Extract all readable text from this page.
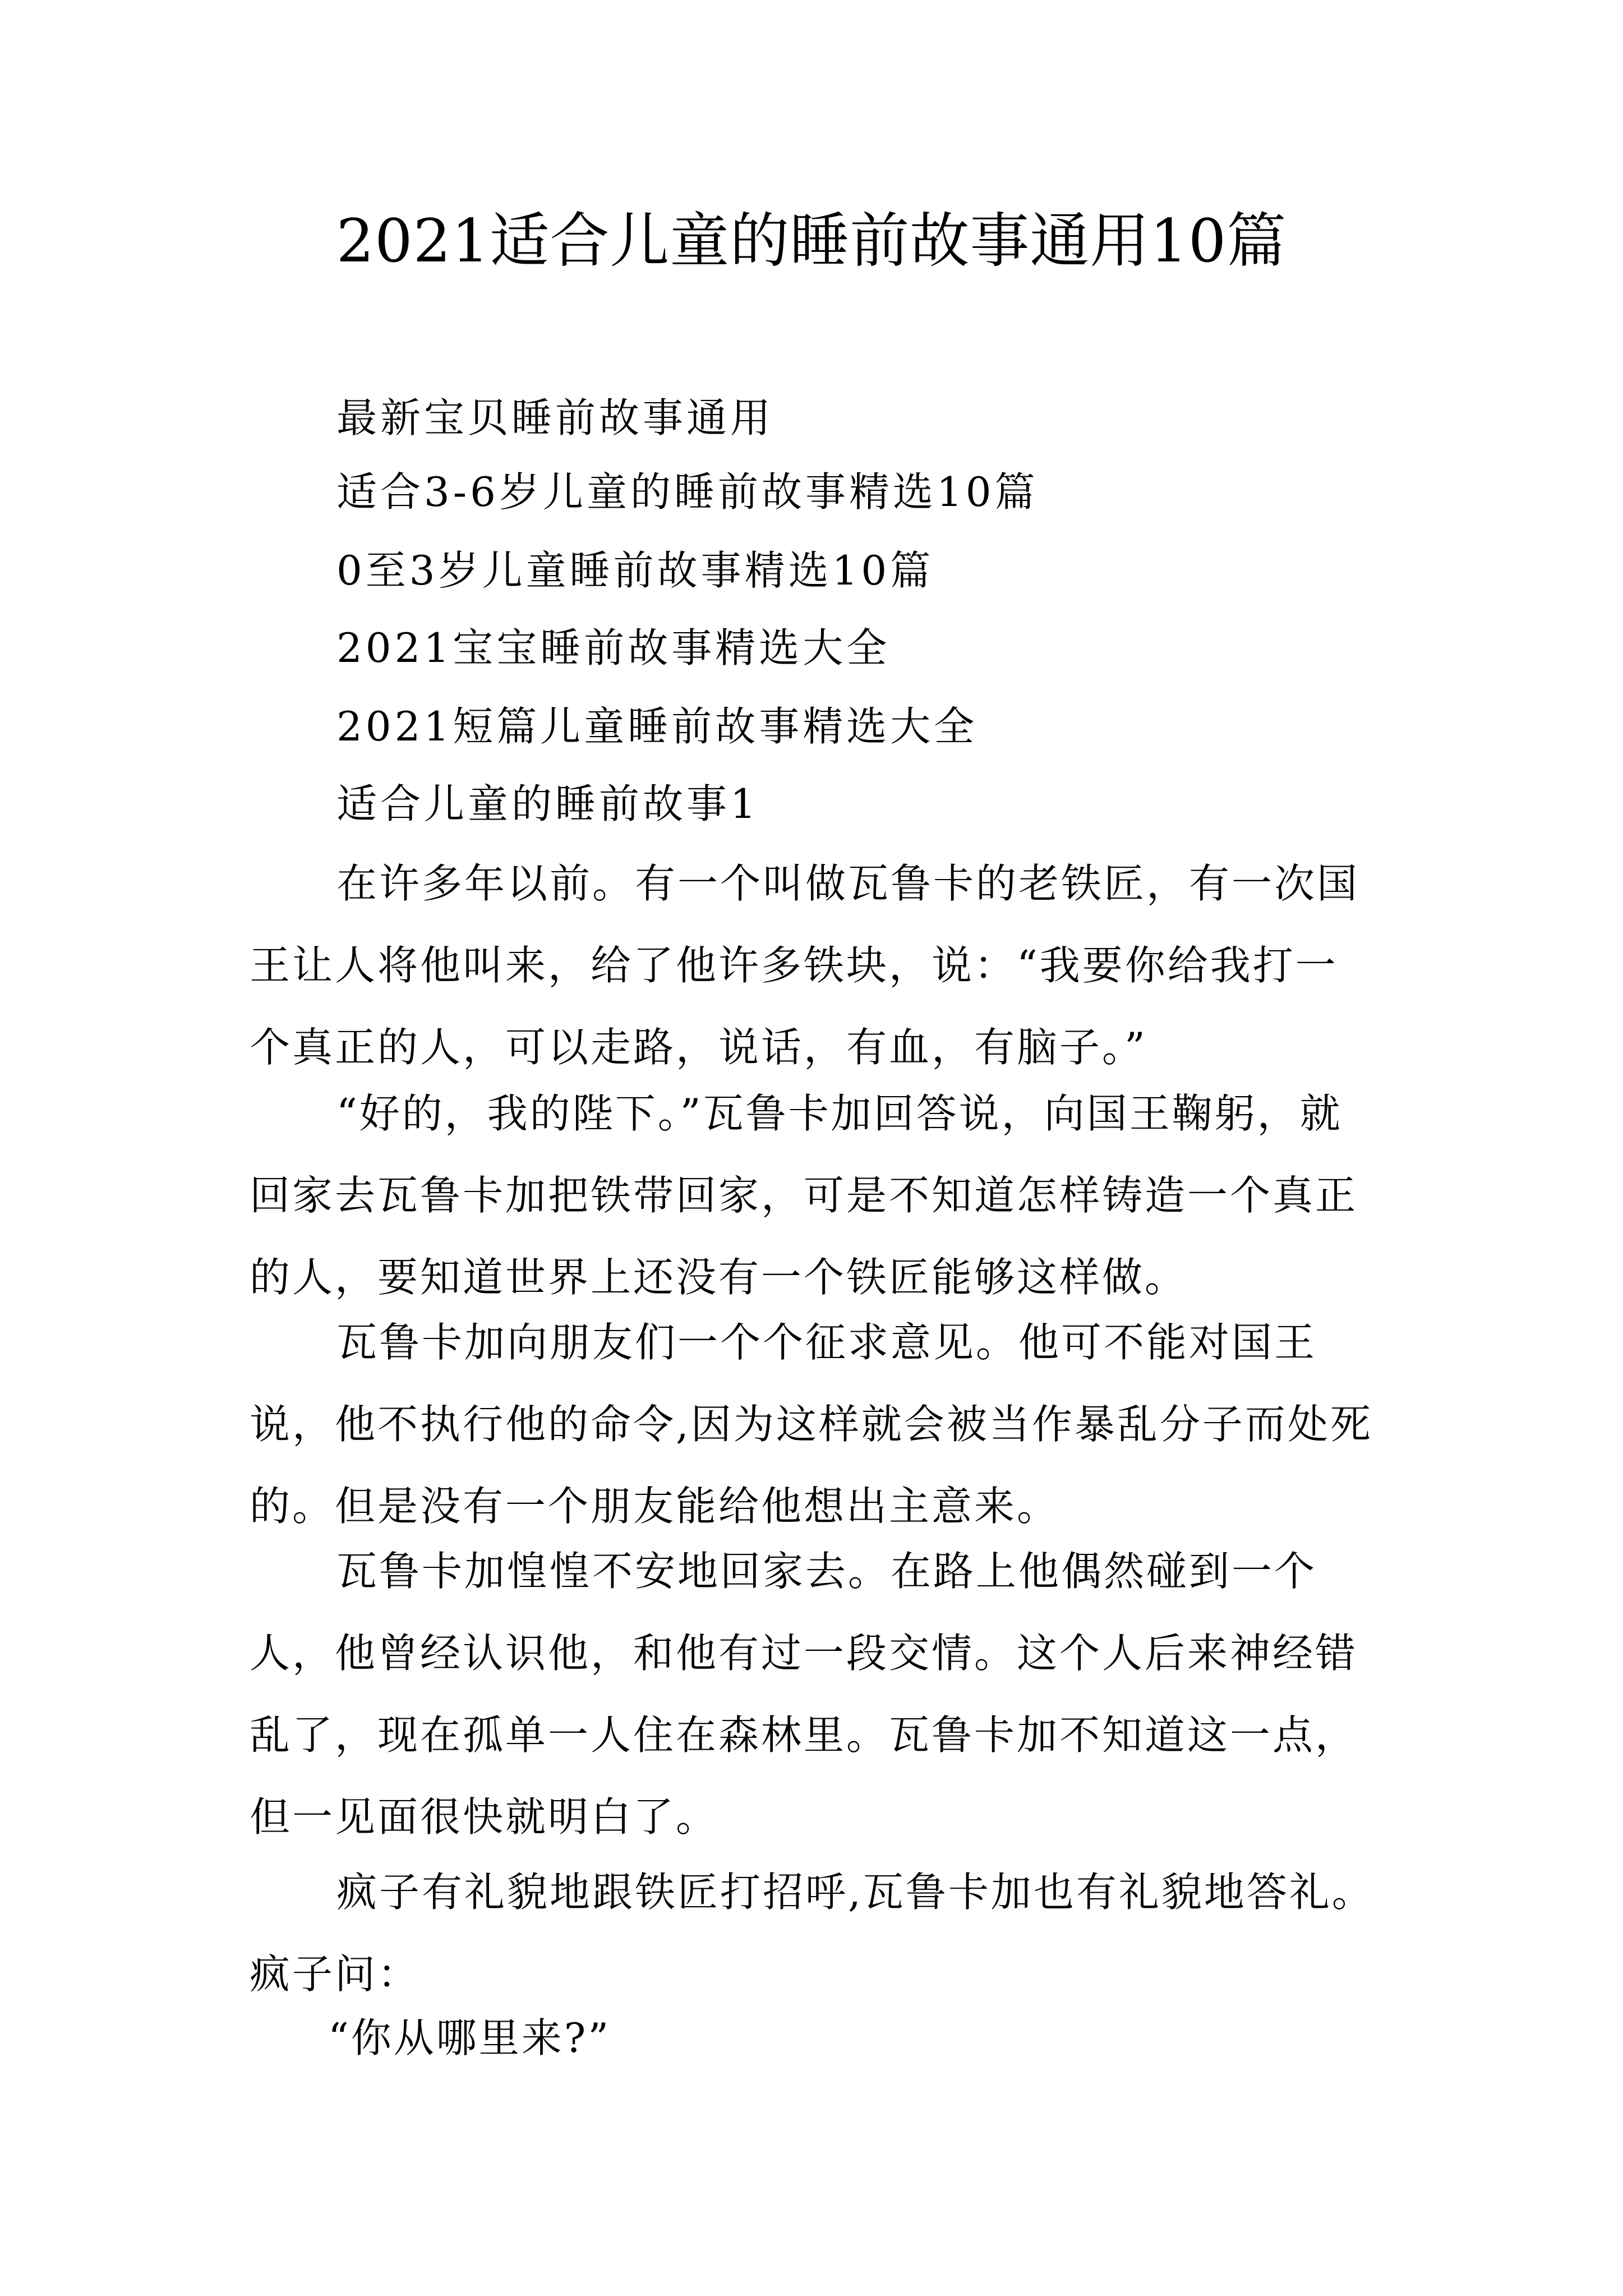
2021适合儿童的睡前故事通用10篇
最新宝贝睡前故事通用
适合3-6岁儿童的睡前故事精选10篇
0至3岁儿童睡前故事精选10篇
2021宝宝睡前故事精选大全
2021短篇儿童睡前故事精选大全
适合儿童的睡前故事1
在许多年以前。有一个叫做瓦鲁卡的老铁匠，有一次国王让人将他叫来，给了他许多铁块，说：“我要你给我打一个真正的人，可以走路，说话，有血，有脑子。”
“好的，我的陛下。”瓦鲁卡加回答说，向国王鞠躬，就回家去瓦鲁卡加把铁带回家，可是不知道怎样铸造一个真正的人，要知道世界上还没有一个铁匠能够这样做。
瓦鲁卡加向朋友们一个个征求意见。他可不能对国王说，他不执行他的命令,因为这样就会被当作暴乱分子而处死的。但是没有一个朋友能给他想出主意来。
瓦鲁卡加惶惶不安地回家去。在路上他偶然碰到一个人，他曾经认识他，和他有过一段交情。这个人后来神经错乱了，现在孤单一人住在森林里。瓦鲁卡加不知道这一点，但一见面很快就明白了。
疯子有礼貌地跟铁匠打招呼,瓦鲁卡加也有礼貌地答礼。疯子问：
“你从哪里来?”
